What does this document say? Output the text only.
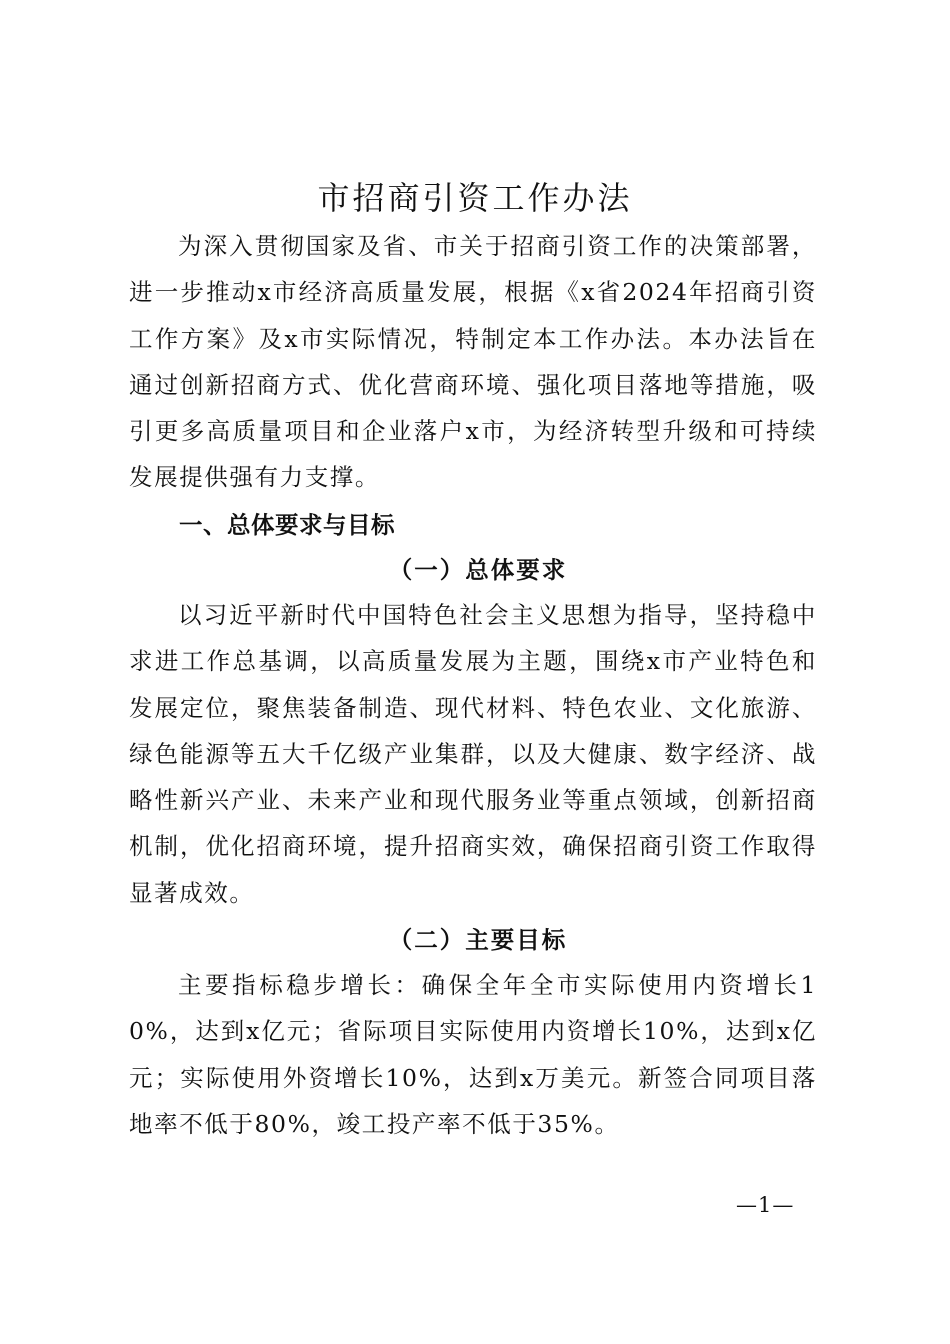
市招商引资工作办法

为深入贯彻国家及省、市关于招商引资工作的决策部署，进一步推动x市经济高质量发展，根据《x省2024年招商引资工作方案》及x市实际情况，特制定本工作办法。本办法旨在通过创新招商方式、优化营商环境、强化项目落地等措施，吸引更多高质量项目和企业落户x市，为经济转型升级和可持续发展提供强有力支撑。

一、总体要求与目标
（一）总体要求

以习近平新时代中国特色社会主义思想为指导，坚持稳中求进工作总基调，以高质量发展为主题，围绕x市产业特色和发展定位，聚焦装备制造、现代材料、特色农业、文化旅游、绿色能源等五大千亿级产业集群，以及大健康、数字经济、战略性新兴产业、未来产业和现代服务业等重点领域，创新招商机制，优化招商环境，提升招商实效，确保招商引资工作取得显著成效。

（二）主要目标

主要指标稳步增长：确保全年全市实际使用内资增长10%，达到x亿元；省际项目实际使用内资增长10%，达到x亿元；实际使用外资增长10%，达到x万美元。新签合同项目落地率不低于80%，竣工投产率不低于35%。

—1—
